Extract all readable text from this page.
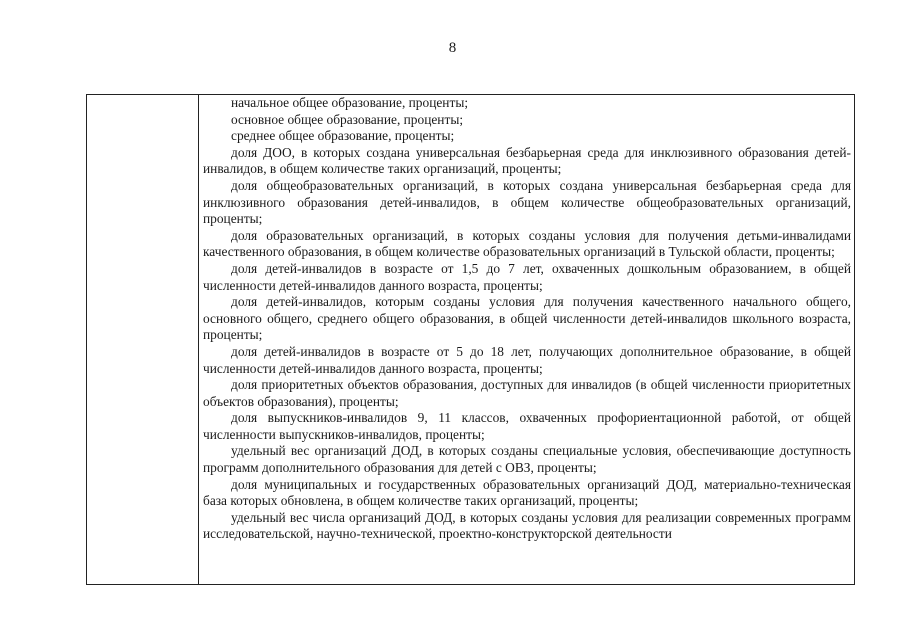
8

начальное общее образование, проценты;

основное общее образование, проценты;

среднее общее образование, проценты;

доля ДОО, в которых создана универсальная безбарьерная среда для инклюзивного образования детей-инвалидов, в общем количестве таких организаций, проценты;

доля общеобразовательных организаций, в которых создана универсальная безбарьерная среда для инклюзивного образования детей-инвалидов, в общем количестве общеобразовательных организаций, проценты;

доля образовательных организаций, в которых созданы условия для получения детьми-инвалидами качественного образования, в общем количестве образовательных организаций в Тульской области, проценты;

доля детей-инвалидов в возрасте от 1,5 до 7 лет, охваченных дошкольным образованием, в общей численности детей-инвалидов данного возраста, проценты;

доля детей-инвалидов, которым созданы условия для получения качественного начального общего, основного общего, среднего общего образования, в общей численности детей-инвалидов школьного возраста, проценты;

доля детей-инвалидов в возрасте от 5 до 18 лет, получающих дополнительное образование, в общей численности детей-инвалидов данного возраста, проценты;

доля приоритетных объектов образования, доступных для инвалидов (в общей численности приоритетных объектов образования), проценты;

доля выпускников-инвалидов 9, 11 классов, охваченных профориентационной работой, от общей численности выпускников-инвалидов, проценты;

удельный вес организаций ДОД, в которых созданы специальные условия, обеспечивающие доступность программ дополнительного образования для детей с ОВЗ, проценты;

доля муниципальных и государственных образовательных организаций ДОД, материально-техническая база которых обновлена, в общем количестве таких организаций, проценты;

удельный вес числа организаций ДОД, в которых созданы условия для реализации современных программ исследовательской, научно-технической, проектно-конструкторской деятельности
